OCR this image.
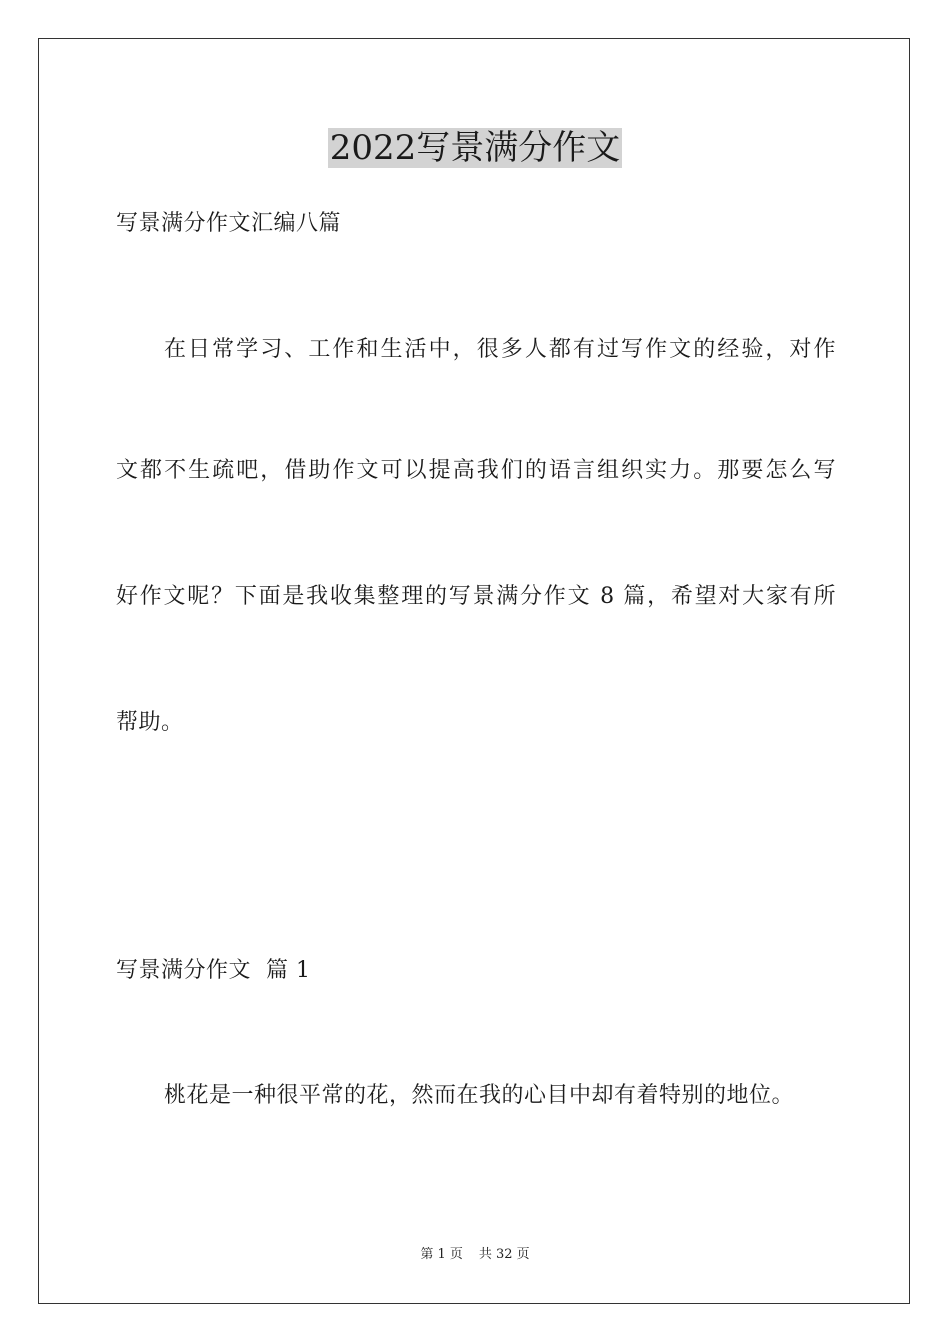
2022写景满分作文
写景满分作文汇编八篇
在日常学习、工作和生活中，很多人都有过写作文的经验，对作
文都不生疏吧，借助作文可以提高我们的语言组织实力。那要怎么写
好作文呢？下面是我收集整理的写景满分作文 8 篇，希望对大家有所
帮助。
写景满分作文  篇 1
桃花是一种很平常的花，然而在我的心目中却有着特别的地位。
第 1 页 共 32 页
